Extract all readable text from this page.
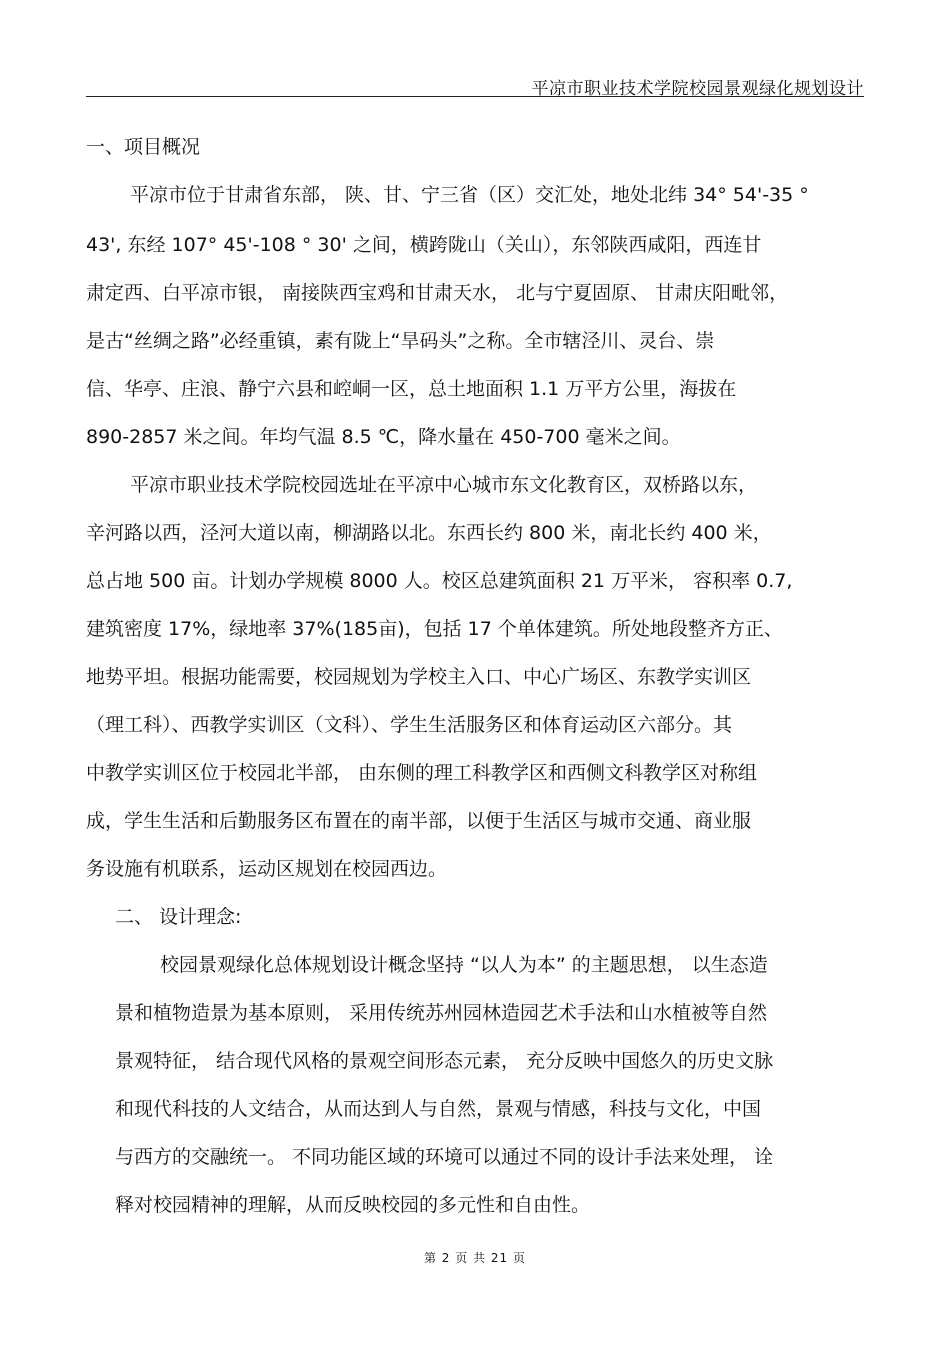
平凉市职业技术学院校园景观绿化规划设计
一、项目概况
平凉市位于甘肃省东部， 陕、甘、宁三省（区）交汇处，地处北纬 34° 54'-35 °
43', 东经 107° 45'-108 ° 30' 之间，横跨陇山（关山），东邻陕西咸阳，西连甘
肃定西、白平凉市银， 南接陕西宝鸡和甘肃天水， 北与宁夏固原、 甘肃庆阳毗邻，
是古“丝绸之路”必经重镇，素有陇上“旱码头”之称。全市辖泾川、灵台、崇
信、华亭、庄浪、静宁六县和崆峒一区，总土地面积 1.1 万平方公里，海拔在
890-2857 米之间。年均气温 8.5 ℃，降水量在 450-700 毫米之间。
平凉市职业技术学院校园选址在平凉中心城市东文化教育区，双桥路以东，
辛河路以西，泾河大道以南，柳湖路以北。东西长约 800 米，南北长约 400 米，
总占地 500 亩。计划办学规模 8000 人。校区总建筑面积 21 万平米， 容积率 0.7,
建筑密度 17%，绿地率 37%(185亩)，包括 17 个单体建筑。所处地段整齐方正、
地势平坦。根据功能需要，校园规划为学校主入口、中心广场区、东教学实训区
（理工科）、西教学实训区（文科）、学生生活服务区和体育运动区六部分。其
中教学实训区位于校园北半部， 由东侧的理工科教学区和西侧文科教学区对称组
成，学生生活和后勤服务区布置在的南半部，以便于生活区与城市交通、商业服
务设施有机联系，运动区规划在校园西边。
二、 设计理念:
校园景观绿化总体规划设计概念坚持 “以人为本” 的主题思想， 以生态造
景和植物造景为基本原则， 采用传统苏州园林造园艺术手法和山水植被等自然
景观特征， 结合现代风格的景观空间形态元素， 充分反映中国悠久的历史文脉
和现代科技的人文结合，从而达到人与自然，景观与情感，科技与文化，中国
与西方的交融统一。 不同功能区域的环境可以通过不同的设计手法来处理， 诠
释对校园精神的理解，从而反映校园的多元性和自由性。
第 2 页 共 21 页
